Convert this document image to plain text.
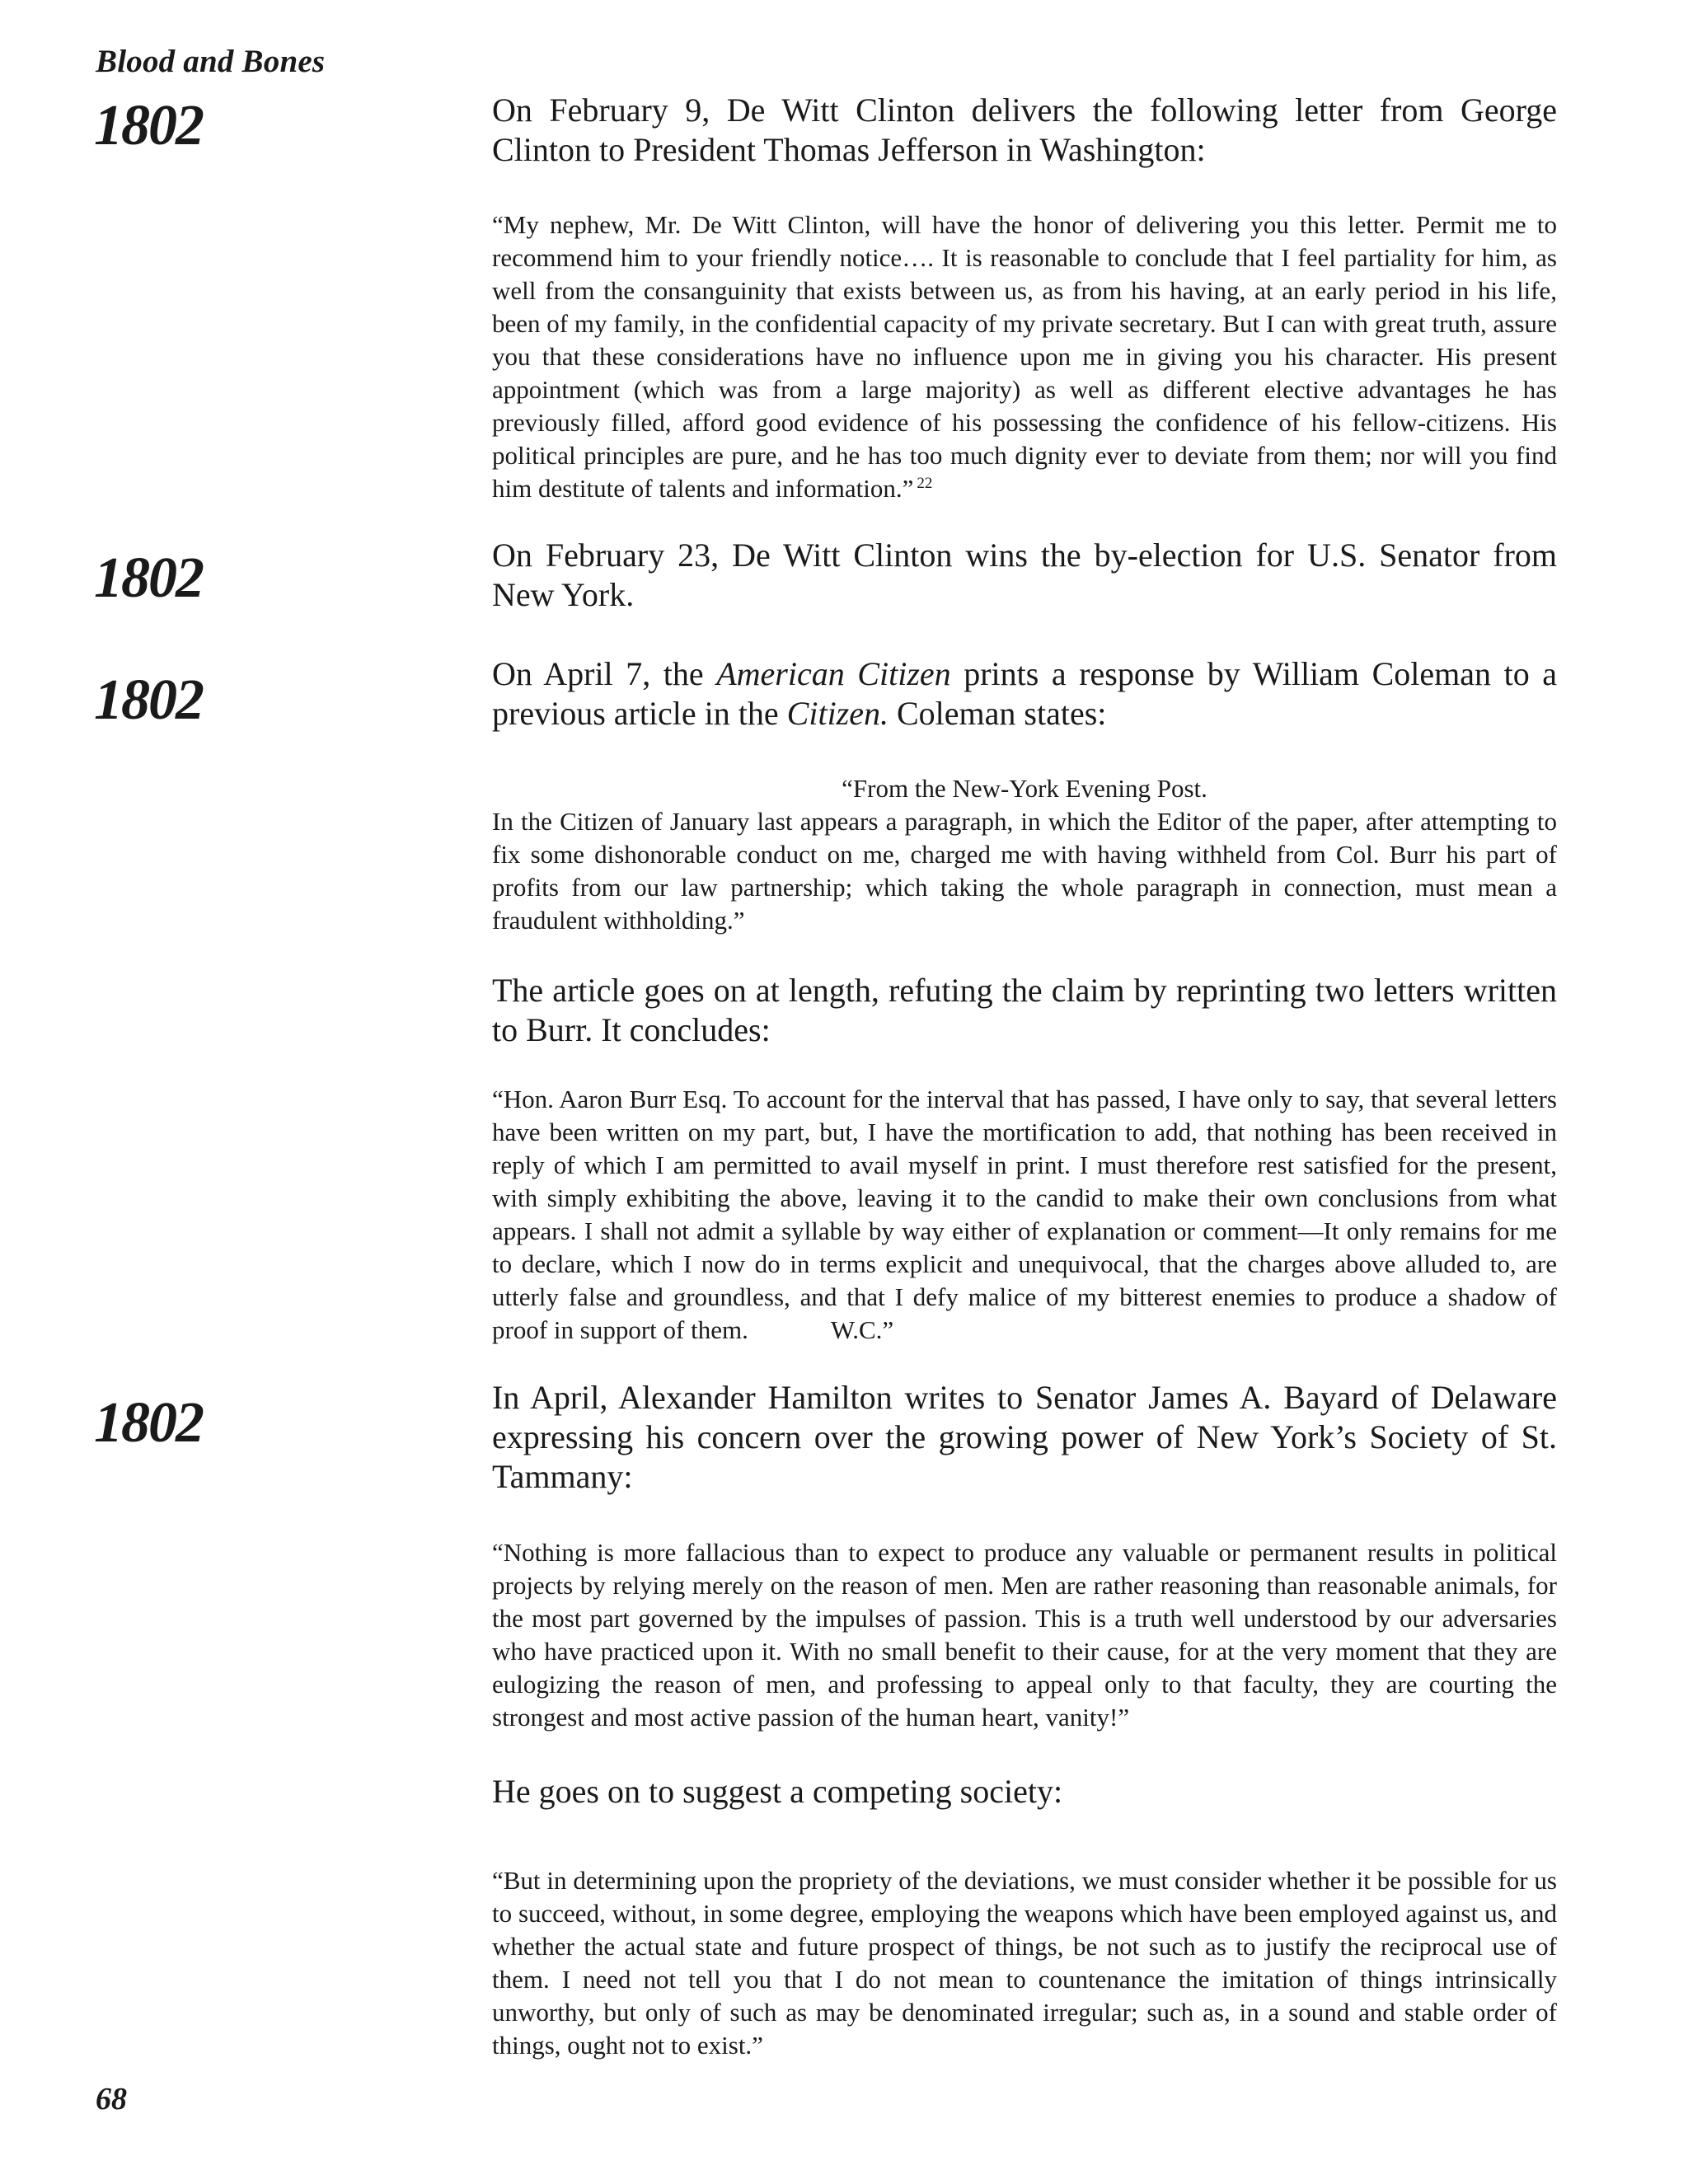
Blood and Bones
1802
1802
1802
1802
On February 9, De Witt Clinton delivers the following letter from George Clinton to President Thomas Jefferson in Washington:
“My nephew, Mr. De Witt Clinton, will have the honor of delivering you this letter. Permit me to recommend him to your friendly notice…. It is reasonable to conclude that I feel partiality for him, as well from the consanguinity that exists between us, as from his having, at an early period in his life, been of my family, in the confidential capacity of my private secretary. But I can with great truth, assure you that these considerations have no influence upon me in giving you his character. His present appointment (which was from a large majority) as well as different elective advantages he has previously filled, afford good evidence of his possessing the confidence of his fellow-citizens. His political principles are pure, and he has too much dignity ever to deviate from them; nor will you find him destitute of talents and information.” $^{22}$
On February 23, De Witt Clinton wins the by-election for U.S. Senator from New York.
On April 7, the American Citizen prints a response by William Coleman to a previous article in the Citizen. Coleman states:
“From the New-York Evening Post.
In the Citizen of January last appears a paragraph, in which the Editor of the paper, after attempting to fix some dishonorable conduct on me, charged me with having withheld from Col. Burr his part of profits from our law partnership; which taking the whole paragraph in connection, must mean a fraudulent withholding.”
The article goes on at length, refuting the claim by reprinting two letters written to Burr. It concludes:
“Hon. Aaron Burr Esq. To account for the interval that has passed, I have only to say, that several letters have been written on my part, but, I have the mortification to add, that nothing has been received in reply of which I am permitted to avail myself in print. I must therefore rest satisfied for the present, with simply exhibiting the above, leaving it to the candid to make their own conclusions from what appears. I shall not admit a syllable by way either of explanation or comment—It only remains for me to declare, which I now do in terms explicit and unequivocal, that the charges above alluded to, are utterly false and groundless, and that I defy malice of my bitterest enemies to produce a shadow of proof in support of them.	W.C.”
In April, Alexander Hamilton writes to Senator James A. Bayard of Delaware expressing his concern over the growing power of New York’s Society of St. Tammany:
“Nothing is more fallacious than to expect to produce any valuable or permanent results in political projects by relying merely on the reason of men. Men are rather reasoning than reasonable animals, for the most part governed by the impulses of passion. This is a truth well understood by our adversaries who have practiced upon it. With no small benefit to their cause, for at the very moment that they are eulogizing the reason of men, and professing to appeal only to that faculty, they are courting the strongest and most active passion of the human heart, vanity!”
He goes on to suggest a competing society:
“But in determining upon the propriety of the deviations, we must consider whether it be possible for us to succeed, without, in some degree, employing the weapons which have been employed against us, and whether the actual state and future prospect of things, be not such as to justify the reciprocal use of them. I need not tell you that I do not mean to countenance the imitation of things intrinsically unworthy, but only of such as may be denominated irregular; such as, in a sound and stable order of things, ought not to exist.”
68
